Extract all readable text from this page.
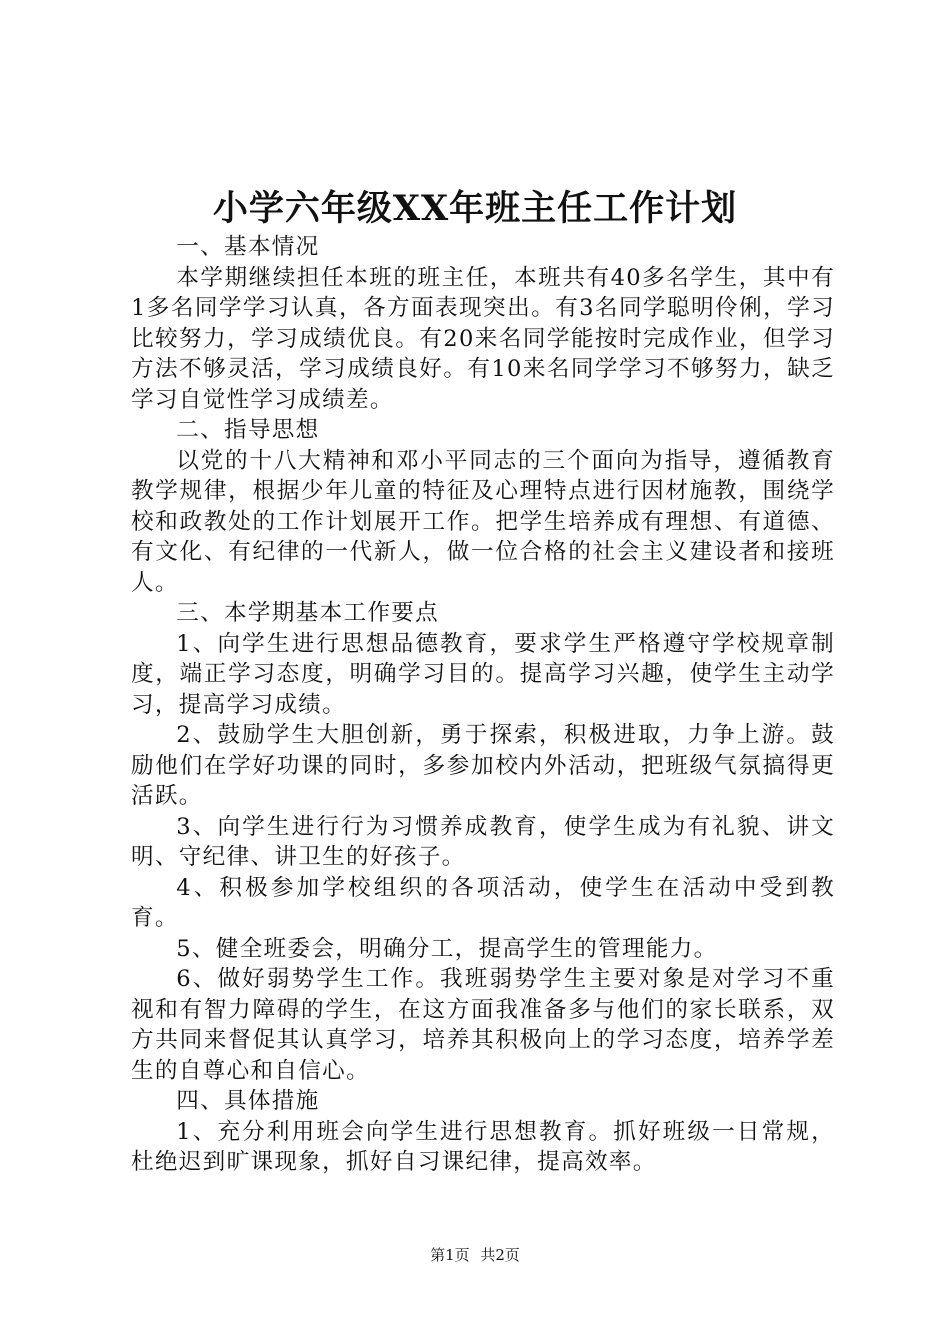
小学六年级XX年班主任工作计划

一、基本情况

本学期继续担任本班的班主任，本班共有40多名学生，其中有1多名同学学习认真，各方面表现突出。有3名同学聪明伶俐，学习比较努力，学习成绩优良。有20来名同学能按时完成作业，但学习方法不够灵活，学习成绩良好。有10来名同学学习不够努力，缺乏学习自觉性学习成绩差。

二、指导思想

以党的十八大精神和邓小平同志的三个面向为指导，遵循教育教学规律，根据少年儿童的特征及心理特点进行因材施教，围绕学校和政教处的工作计划展开工作。把学生培养成有理想、有道德、有文化、有纪律的一代新人，做一位合格的社会主义建设者和接班人。

三、本学期基本工作要点

1、向学生进行思想品德教育，要求学生严格遵守学校规章制度，端正学习态度，明确学习目的。提高学习兴趣，使学生主动学习，提高学习成绩。

2、鼓励学生大胆创新，勇于探索，积极进取，力争上游。鼓励他们在学好功课的同时，多参加校内外活动，把班级气氛搞得更活跃。

3、向学生进行行为习惯养成教育，使学生成为有礼貌、讲文明、守纪律、讲卫生的好孩子。

4、积极参加学校组织的各项活动，使学生在活动中受到教育。

5、健全班委会，明确分工，提高学生的管理能力。

6、做好弱势学生工作。我班弱势学生主要对象是对学习不重视和有智力障碍的学生，在这方面我准备多与他们的家长联系，双方共同来督促其认真学习，培养其积极向上的学习态度，培养学差生的自尊心和自信心。

四、具体措施

1、充分利用班会向学生进行思想教育。抓好班级一日常规，杜绝迟到旷课现象，抓好自习课纪律，提高效率。

第1页 共2页
